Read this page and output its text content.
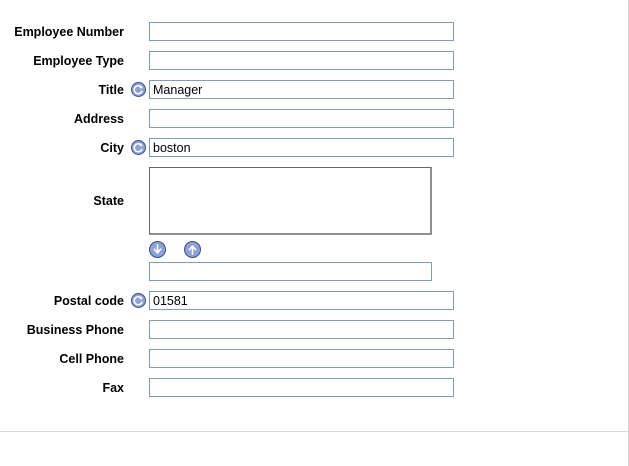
Employee Number
Employee Type
Title
Manager
Address
City
boston
State
Postal code
01581
Business Phone
Cell Phone
Fax
